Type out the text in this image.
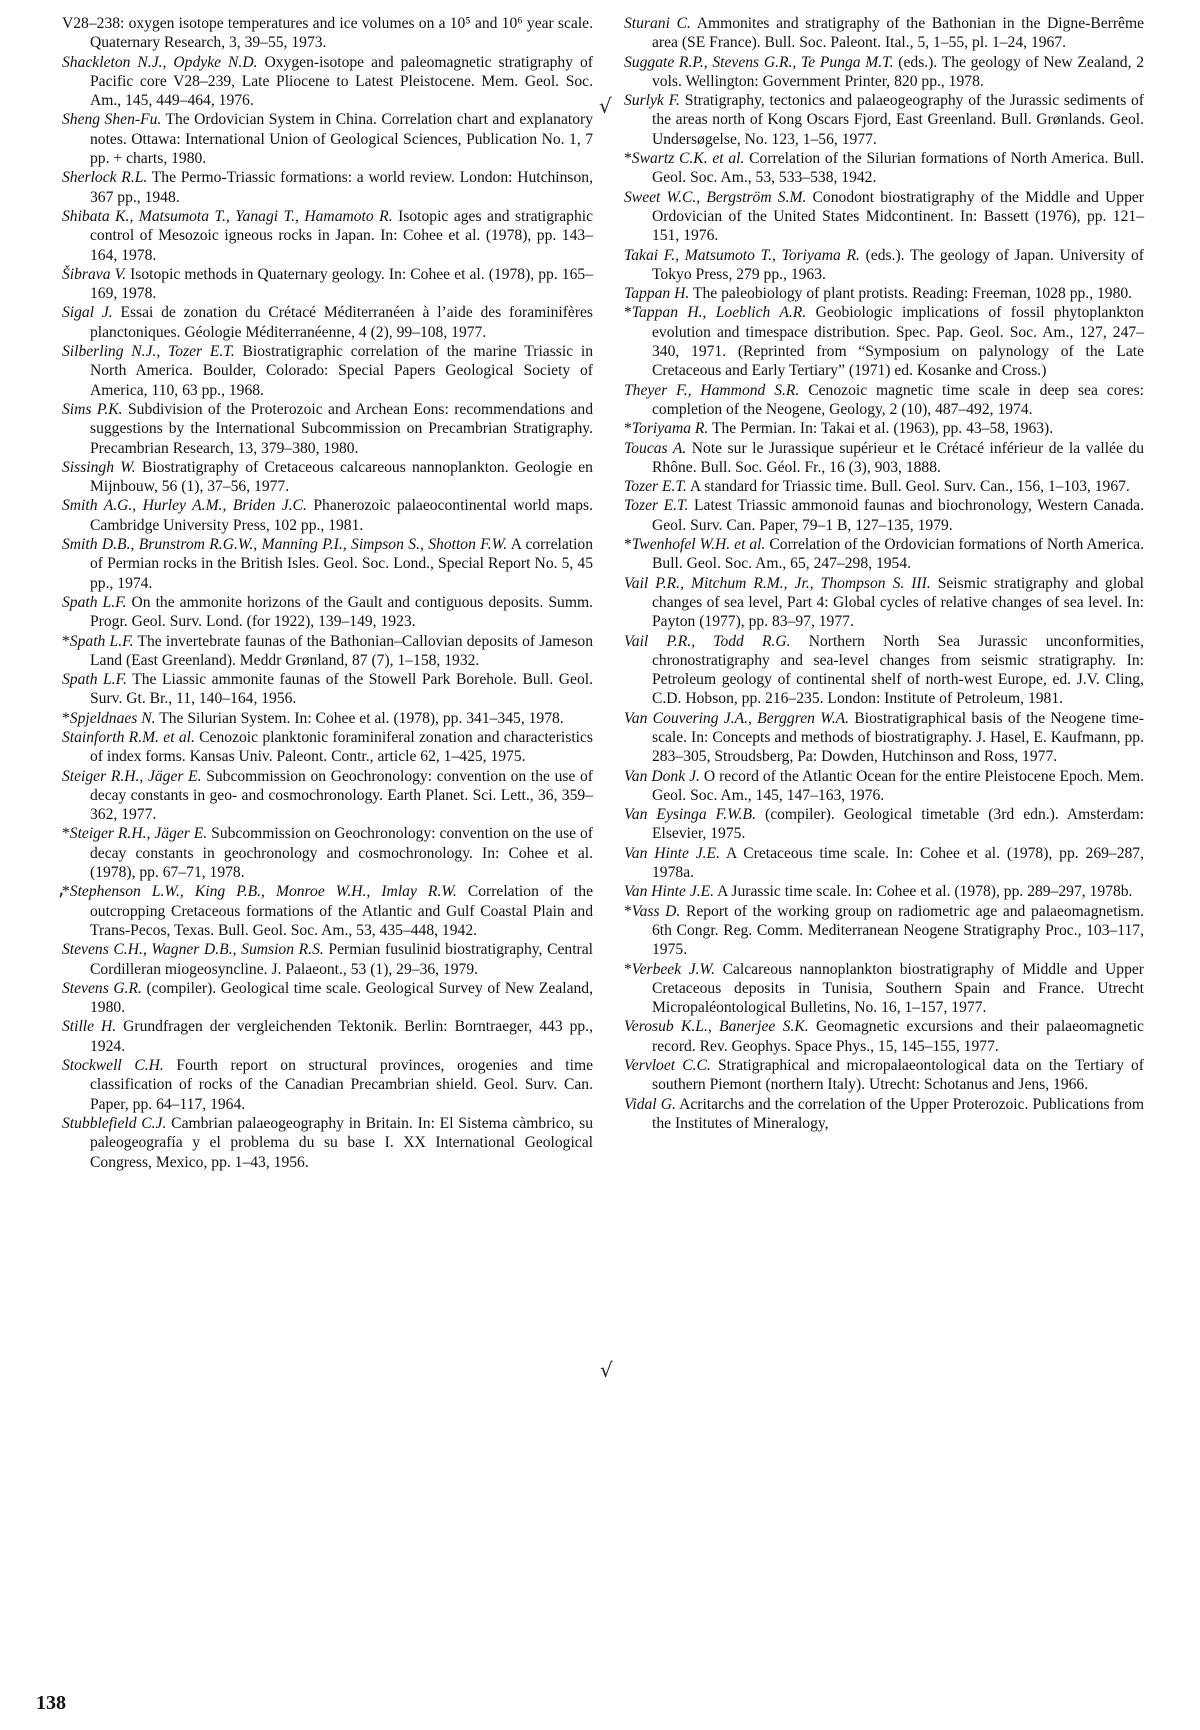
V28–238: oxygen isotope temperatures and ice volumes on a 10⁵ and 10⁶ year scale. Quaternary Research, 3, 39–55, 1973.

Shackleton N.J., Opdyke N.D. Oxygen-isotope and paleomagnetic stratigraphy of Pacific core V28–239, Late Pliocene to Latest Pleistocene. Mem. Geol. Soc. Am., 145, 449–464, 1976.

Sheng Shen-Fu. The Ordovician System in China. Correlation chart and explanatory notes. Ottawa: International Union of Geological Sciences, Publication No. 1, 7 pp. + charts, 1980.

Sherlock R.L. The Permo-Triassic formations: a world review. London: Hutchinson, 367 pp., 1948.

Shibata K., Matsumota T., Yanagi T., Hamamoto R. Isotopic ages and stratigraphic control of Mesozoic igneous rocks in Japan. In: Cohee et al. (1978), pp. 143–164, 1978.

Šibrava V. Isotopic methods in Quaternary geology. In: Cohee et al. (1978), pp. 165–169, 1978.

Sigal J. Essai de zonation du Crétacé Méditerranéen à l’aide des foraminifères planctoniques. Géologie Méditerranéenne, 4 (2), 99–108, 1977.

Silberling N.J., Tozer E.T. Biostratigraphic correlation of the marine Triassic in North America. Boulder, Colorado: Special Papers Geological Society of America, 110, 63 pp., 1968.

Sims P.K. Subdivision of the Proterozoic and Archean Eons: recommendations and suggestions by the International Subcommission on Precambrian Stratigraphy. Precambrian Research, 13, 379–380, 1980.

Sissingh W. Biostratigraphy of Cretaceous calcareous nannoplankton. Geologie en Mijnbouw, 56 (1), 37–56, 1977.

Smith A.G., Hurley A.M., Briden J.C. Phanerozoic palaeocontinental world maps. Cambridge University Press, 102 pp., 1981.

Smith D.B., Brunstrom R.G.W., Manning P.I., Simpson S., Shotton F.W. A correlation of Permian rocks in the British Isles. Geol. Soc. Lond., Special Report No. 5, 45 pp., 1974.

Spath L.F. On the ammonite horizons of the Gault and contiguous deposits. Summ. Progr. Geol. Surv. Lond. (for 1922), 139–149, 1923.

*Spath L.F. The invertebrate faunas of the Bathonian–Callovian deposits of Jameson Land (East Greenland). Meddr Grønland, 87 (7), 1–158, 1932.

Spath L.F. The Liassic ammonite faunas of the Stowell Park Borehole. Bull. Geol. Surv. Gt. Br., 11, 140–164, 1956.

*Spjeldnaes N. The Silurian System. In: Cohee et al. (1978), pp. 341–345, 1978.

Stainforth R.M. et al. Cenozoic planktonic foraminiferal zonation and characteristics of index forms. Kansas Univ. Paleont. Contr., article 62, 1–425, 1975.

Steiger R.H., Jäger E. Subcommission on Geochronology: convention on the use of decay constants in geo- and cosmochronology. Earth Planet. Sci. Lett., 36, 359–362, 1977.

*Steiger R.H., Jäger E. Subcommission on Geochronology: convention on the use of decay constants in geochronology and cosmochronology. In: Cohee et al. (1978), pp. 67–71, 1978.

*Stephenson L.W., King P.B., Monroe W.H., Imlay R.W. Correlation of the outcropping Cretaceous formations of the Atlantic and Gulf Coastal Plain and Trans-Pecos, Texas. Bull. Geol. Soc. Am., 53, 435–448, 1942.

Stevens C.H., Wagner D.B., Sumsion R.S. Permian fusulinid biostratigraphy, Central Cordilleran miogeosyncline. J. Palaeont., 53 (1), 29–36, 1979.

Stevens G.R. (compiler). Geological time scale. Geological Survey of New Zealand, 1980.

Stille H. Grundfragen der vergleichenden Tektonik. Berlin: Borntraeger, 443 pp., 1924.

Stockwell C.H. Fourth report on structural provinces, orogenies and time classification of rocks of the Canadian Precambrian shield. Geol. Surv. Can. Paper, pp. 64–117, 1964.

Stubblefield C.J. Cambrian palaeogeography in Britain. In: El Sistema càmbrico, su paleogeografía y el problema du su base I. XX International Geological Congress, Mexico, pp. 1–43, 1956.

Sturani C. Ammonites and stratigraphy of the Bathonian in the Digne-Berrême area (SE France). Bull. Soc. Paleont. Ital., 5, 1–55, pl. 1–24, 1967.

Suggate R.P., Stevens G.R., Te Punga M.T. (eds.). The geology of New Zealand, 2 vols. Wellington: Government Printer, 820 pp., 1978.

Surlyk F. Stratigraphy, tectonics and palaeogeography of the Jurassic sediments of the areas north of Kong Oscars Fjord, East Greenland. Bull. Grønlands. Geol. Undersøgelse, No. 123, 1–56, 1977.

*Swartz C.K. et al. Correlation of the Silurian formations of North America. Bull. Geol. Soc. Am., 53, 533–538, 1942.

Sweet W.C., Bergström S.M. Conodont biostratigraphy of the Middle and Upper Ordovician of the United States Midcontinent. In: Bassett (1976), pp. 121–151, 1976.

Takai F., Matsumoto T., Toriyama R. (eds.). The geology of Japan. University of Tokyo Press, 279 pp., 1963.

Tappan H. The paleobiology of plant protists. Reading: Freeman, 1028 pp., 1980.

*Tappan H., Loeblich A.R. Geobiologic implications of fossil phytoplankton evolution and timespace distribution. Spec. Pap. Geol. Soc. Am., 127, 247–340, 1971. (Reprinted from “Symposium on palynology of the Late Cretaceous and Early Tertiary” (1971) ed. Kosanke and Cross.)

Theyer F., Hammond S.R. Cenozoic magnetic time scale in deep sea cores: completion of the Neogene, Geology, 2 (10), 487–492, 1974.

*Toriyama R. The Permian. In: Takai et al. (1963), pp. 43–58, 1963).

Toucas A. Note sur le Jurassique supérieur et le Crétacé inférieur de la vallée du Rhône. Bull. Soc. Géol. Fr., 16 (3), 903, 1888.

Tozer E.T. A standard for Triassic time. Bull. Geol. Surv. Can., 156, 1–103, 1967.

Tozer E.T. Latest Triassic ammonoid faunas and biochronology, Western Canada. Geol. Surv. Can. Paper, 79–1 B, 127–135, 1979.

*Twenhofel W.H. et al. Correlation of the Ordovician formations of North America. Bull. Geol. Soc. Am., 65, 247–298, 1954.

Vail P.R., Mitchum R.M., Jr., Thompson S. III. Seismic stratigraphy and global changes of sea level, Part 4: Global cycles of relative changes of sea level. In: Payton (1977), pp. 83–97, 1977.

Vail P.R., Todd R.G. Northern North Sea Jurassic unconformities, chronostratigraphy and sea-level changes from seismic stratigraphy. In: Petroleum geology of continental shelf of north-west Europe, ed. J.V. Cling, C.D. Hobson, pp. 216–235. London: Institute of Petroleum, 1981.

Van Couvering J.A., Berggren W.A. Biostratigraphical basis of the Neogene time-scale. In: Concepts and methods of biostratigraphy. J. Hasel, E. Kaufmann, pp. 283–305, Stroudsberg, Pa: Dowden, Hutchinson and Ross, 1977.

Van Donk J. O record of the Atlantic Ocean for the entire Pleistocene Epoch. Mem. Geol. Soc. Am., 145, 147–163, 1976.

Van Eysinga F.W.B. (compiler). Geological timetable (3rd edn.). Amsterdam: Elsevier, 1975.

Van Hinte J.E. A Cretaceous time scale. In: Cohee et al. (1978), pp. 269–287, 1978a.

Van Hinte J.E. A Jurassic time scale. In: Cohee et al. (1978), pp. 289–297, 1978b.

*Vass D. Report of the working group on radiometric age and palaeomagnetism. 6th Congr. Reg. Comm. Mediterranean Neogene Stratigraphy Proc., 103–117, 1975.

*Verbeek J.W. Calcareous nannoplankton biostratigraphy of Middle and Upper Cretaceous deposits in Tunisia, Southern Spain and France. Utrecht Micropaléontological Bulletins, No. 16, 1–157, 1977.

Verosub K.L., Banerjee S.K. Geomagnetic excursions and their palaeomagnetic record. Rev. Geophys. Space Phys., 15, 145–155, 1977.

Vervloet C.C. Stratigraphical and micropalaeontological data on the Tertiary of southern Piemont (northern Italy). Utrecht: Schotanus and Jens, 1966.

Vidal G. Acritarchs and the correlation of the Upper Proterozoic. Publications from the Institutes of Mineralogy,

√
√
,
138
